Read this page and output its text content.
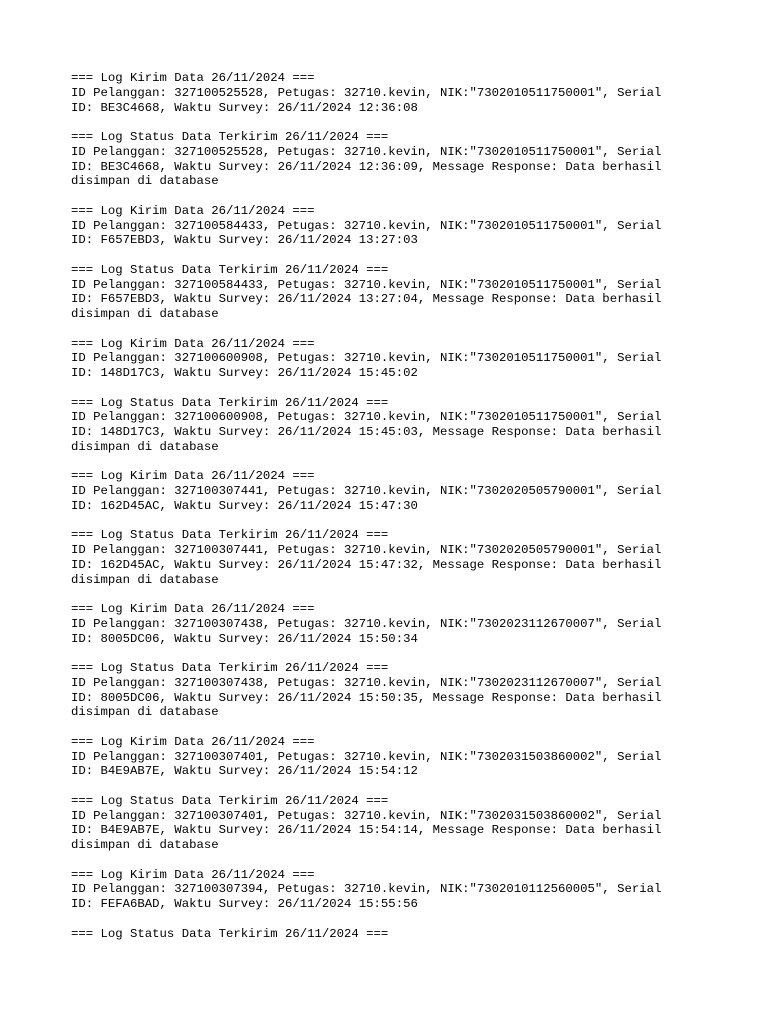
=== Log Kirim Data 26/11/2024 ===
ID Pelanggan: 327100525528, Petugas: 32710.kevin, NIK:"7302010511750001", Serial
ID: BE3C4668, Waktu Survey: 26/11/2024 12:36:08
=== Log Status Data Terkirim 26/11/2024 ===
ID Pelanggan: 327100525528, Petugas: 32710.kevin, NIK:"7302010511750001", Serial
ID: BE3C4668, Waktu Survey: 26/11/2024 12:36:09, Message Response: Data berhasil
disimpan di database
=== Log Kirim Data 26/11/2024 ===
ID Pelanggan: 327100584433, Petugas: 32710.kevin, NIK:"7302010511750001", Serial
ID: F657EBD3, Waktu Survey: 26/11/2024 13:27:03
=== Log Status Data Terkirim 26/11/2024 ===
ID Pelanggan: 327100584433, Petugas: 32710.kevin, NIK:"7302010511750001", Serial
ID: F657EBD3, Waktu Survey: 26/11/2024 13:27:04, Message Response: Data berhasil
disimpan di database
=== Log Kirim Data 26/11/2024 ===
ID Pelanggan: 327100600908, Petugas: 32710.kevin, NIK:"7302010511750001", Serial
ID: 148D17C3, Waktu Survey: 26/11/2024 15:45:02
=== Log Status Data Terkirim 26/11/2024 ===
ID Pelanggan: 327100600908, Petugas: 32710.kevin, NIK:"7302010511750001", Serial
ID: 148D17C3, Waktu Survey: 26/11/2024 15:45:03, Message Response: Data berhasil
disimpan di database
=== Log Kirim Data 26/11/2024 ===
ID Pelanggan: 327100307441, Petugas: 32710.kevin, NIK:"7302020505790001", Serial
ID: 162D45AC, Waktu Survey: 26/11/2024 15:47:30
=== Log Status Data Terkirim 26/11/2024 ===
ID Pelanggan: 327100307441, Petugas: 32710.kevin, NIK:"7302020505790001", Serial
ID: 162D45AC, Waktu Survey: 26/11/2024 15:47:32, Message Response: Data berhasil
disimpan di database
=== Log Kirim Data 26/11/2024 ===
ID Pelanggan: 327100307438, Petugas: 32710.kevin, NIK:"7302023112670007", Serial
ID: 8005DC06, Waktu Survey: 26/11/2024 15:50:34
=== Log Status Data Terkirim 26/11/2024 ===
ID Pelanggan: 327100307438, Petugas: 32710.kevin, NIK:"7302023112670007", Serial
ID: 8005DC06, Waktu Survey: 26/11/2024 15:50:35, Message Response: Data berhasil
disimpan di database
=== Log Kirim Data 26/11/2024 ===
ID Pelanggan: 327100307401, Petugas: 32710.kevin, NIK:"7302031503860002", Serial
ID: B4E9AB7E, Waktu Survey: 26/11/2024 15:54:12
=== Log Status Data Terkirim 26/11/2024 ===
ID Pelanggan: 327100307401, Petugas: 32710.kevin, NIK:"7302031503860002", Serial
ID: B4E9AB7E, Waktu Survey: 26/11/2024 15:54:14, Message Response: Data berhasil
disimpan di database
=== Log Kirim Data 26/11/2024 ===
ID Pelanggan: 327100307394, Petugas: 32710.kevin, NIK:"7302010112560005", Serial
ID: FEFA6BAD, Waktu Survey: 26/11/2024 15:55:56
=== Log Status Data Terkirim 26/11/2024 ===
